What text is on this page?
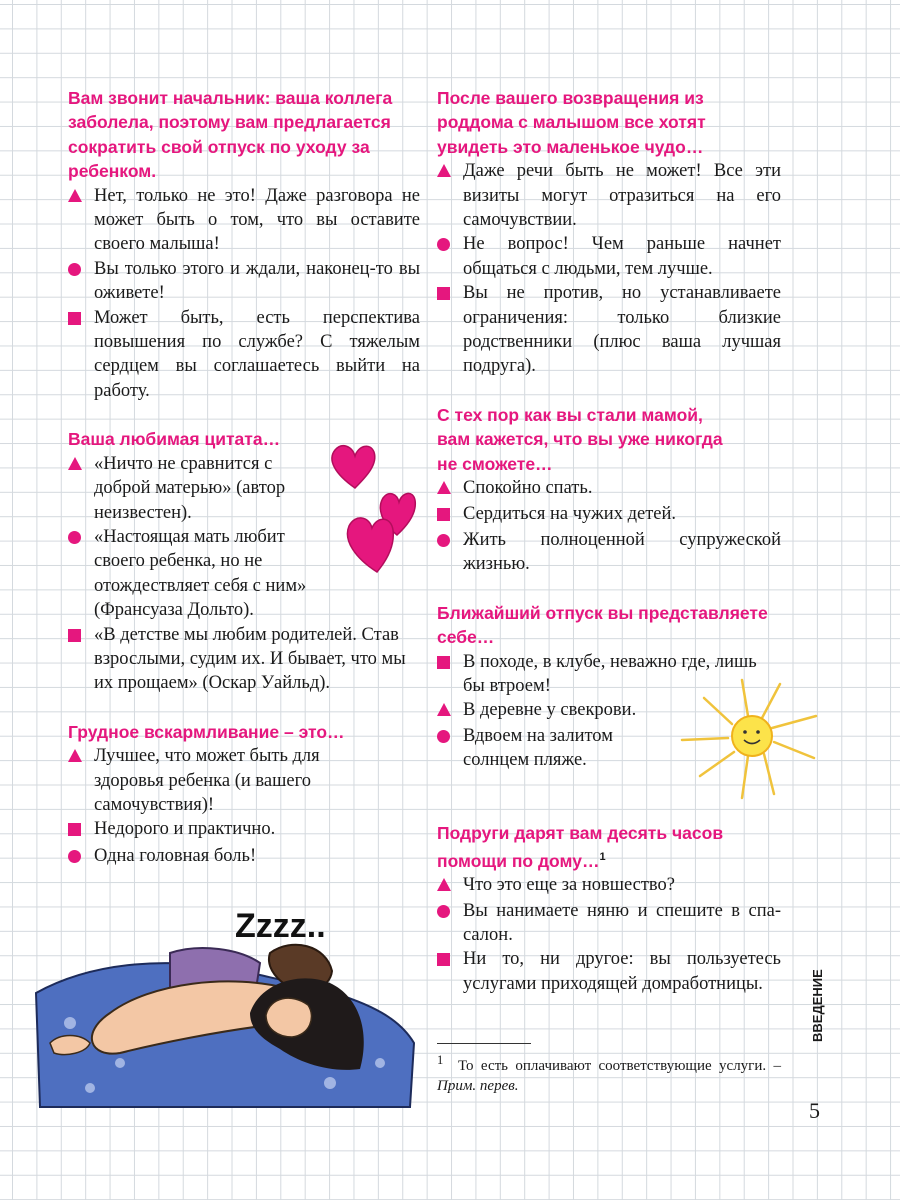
Вам звонит начальник: ваша коллега заболела, поэтому вам предлагается сократить свой отпуск по уходу за ребенком.
Нет, только не это! Даже разговора не может быть о том, что вы оставите своего малыша!
Вы только этого и ждали, наконец-то вы оживете!
Может быть, есть перспектива повышения по службе? С тяжелым сердцем вы соглашаетесь выйти на работу.
Ваша любимая цитата…
«Ничто не сравнится с доброй матерью» (автор неизвестен).
«Настоящая мать любит своего ребенка, но не отождествляет себя с ним» (Франсуаза Дольто).
«В детстве мы любим родителей. Став взрослыми, судим их. И бывает, что мы их прощаем» (Оскар Уайльд).
Грудное вскармливание – это…
Лучшее, что может быть для здоровья ребенка (и вашего самочувствия)!
Недорого и практично.
Одна головная боль!
После вашего возвращения из роддома с малышом все хотят увидеть это маленькое чудо…
Даже речи быть не может! Все эти визиты могут отразиться на его самочувствии.
Не вопрос! Чем раньше начнет общаться с людьми, тем лучше.
Вы не против, но устанавливаете ограничения: только близкие родственники (плюс ваша лучшая подруга).
С тех пор как вы стали мамой, вам кажется, что вы уже никогда не сможете…
Спокойно спать.
Сердиться на чужих детей.
Жить полноценной супружеской жизнью.
Ближайший отпуск вы представляете себе…
В походе, в клубе, неважно где, лишь бы втроем!
В деревне у свекрови.
Вдвоем на залитом солнцем пляже.
Подруги дарят вам десять часов помощи по дому…$^1$
Что это еще за новшество?
Вы нанимаете няню и спешите в спа-салон.
Ни то, ни другое: вы пользуетесь услугами приходящей домработницы.
$^1$ То есть оплачивают соответствующие услуги. – Прим. перев.
ВВЕДЕНИЕ
5
Zzzz..
